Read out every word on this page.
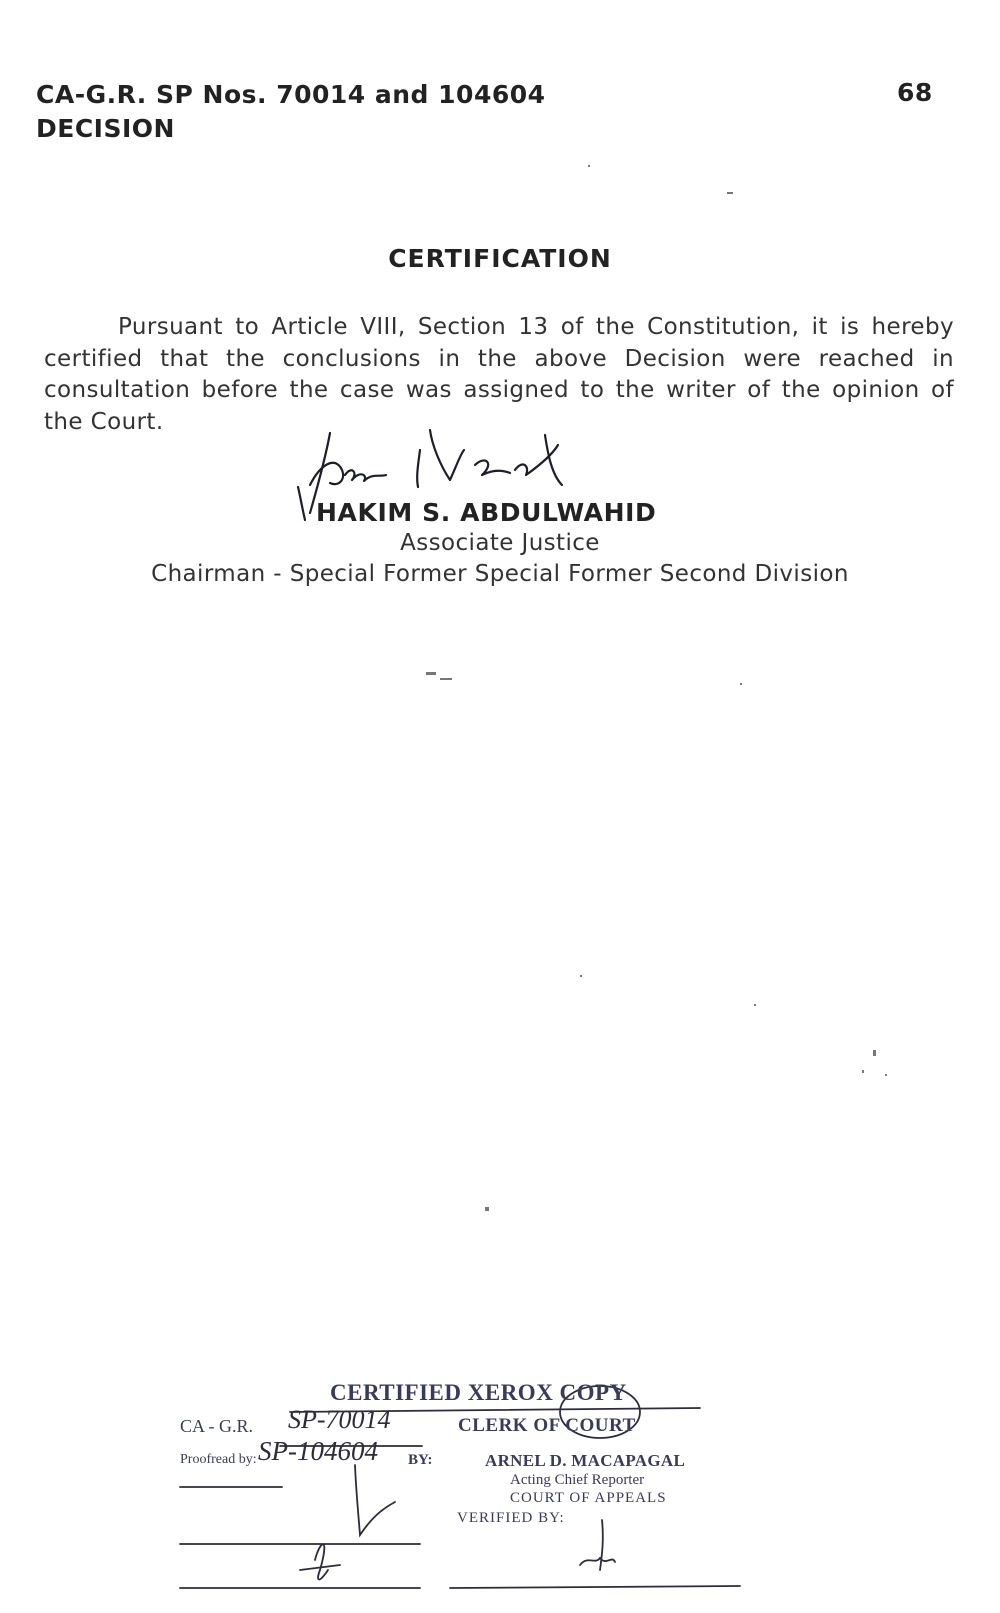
CA-G.R. SP Nos. 70014 and 104604
DECISION
68
CERTIFICATION
Pursuant to Article VIII, Section 13 of the Constitution, it is hereby certified that the conclusions in the above Decision were reached in consultation before the case was assigned to the writer of the opinion of the Court.
HAKIM S. ABDULWAHID
Associate Justice
Chairman - Special Former Special Former Second Division
CERTIFIED XEROX COPY
CA - G.R. SP-70014	CLERK OF COURT
Proofread by: SP-104604 BY:	ARNEL D. MACAPAGAL
Acting Chief Reporter
COURT OF APPEALS
VERIFIED BY:
